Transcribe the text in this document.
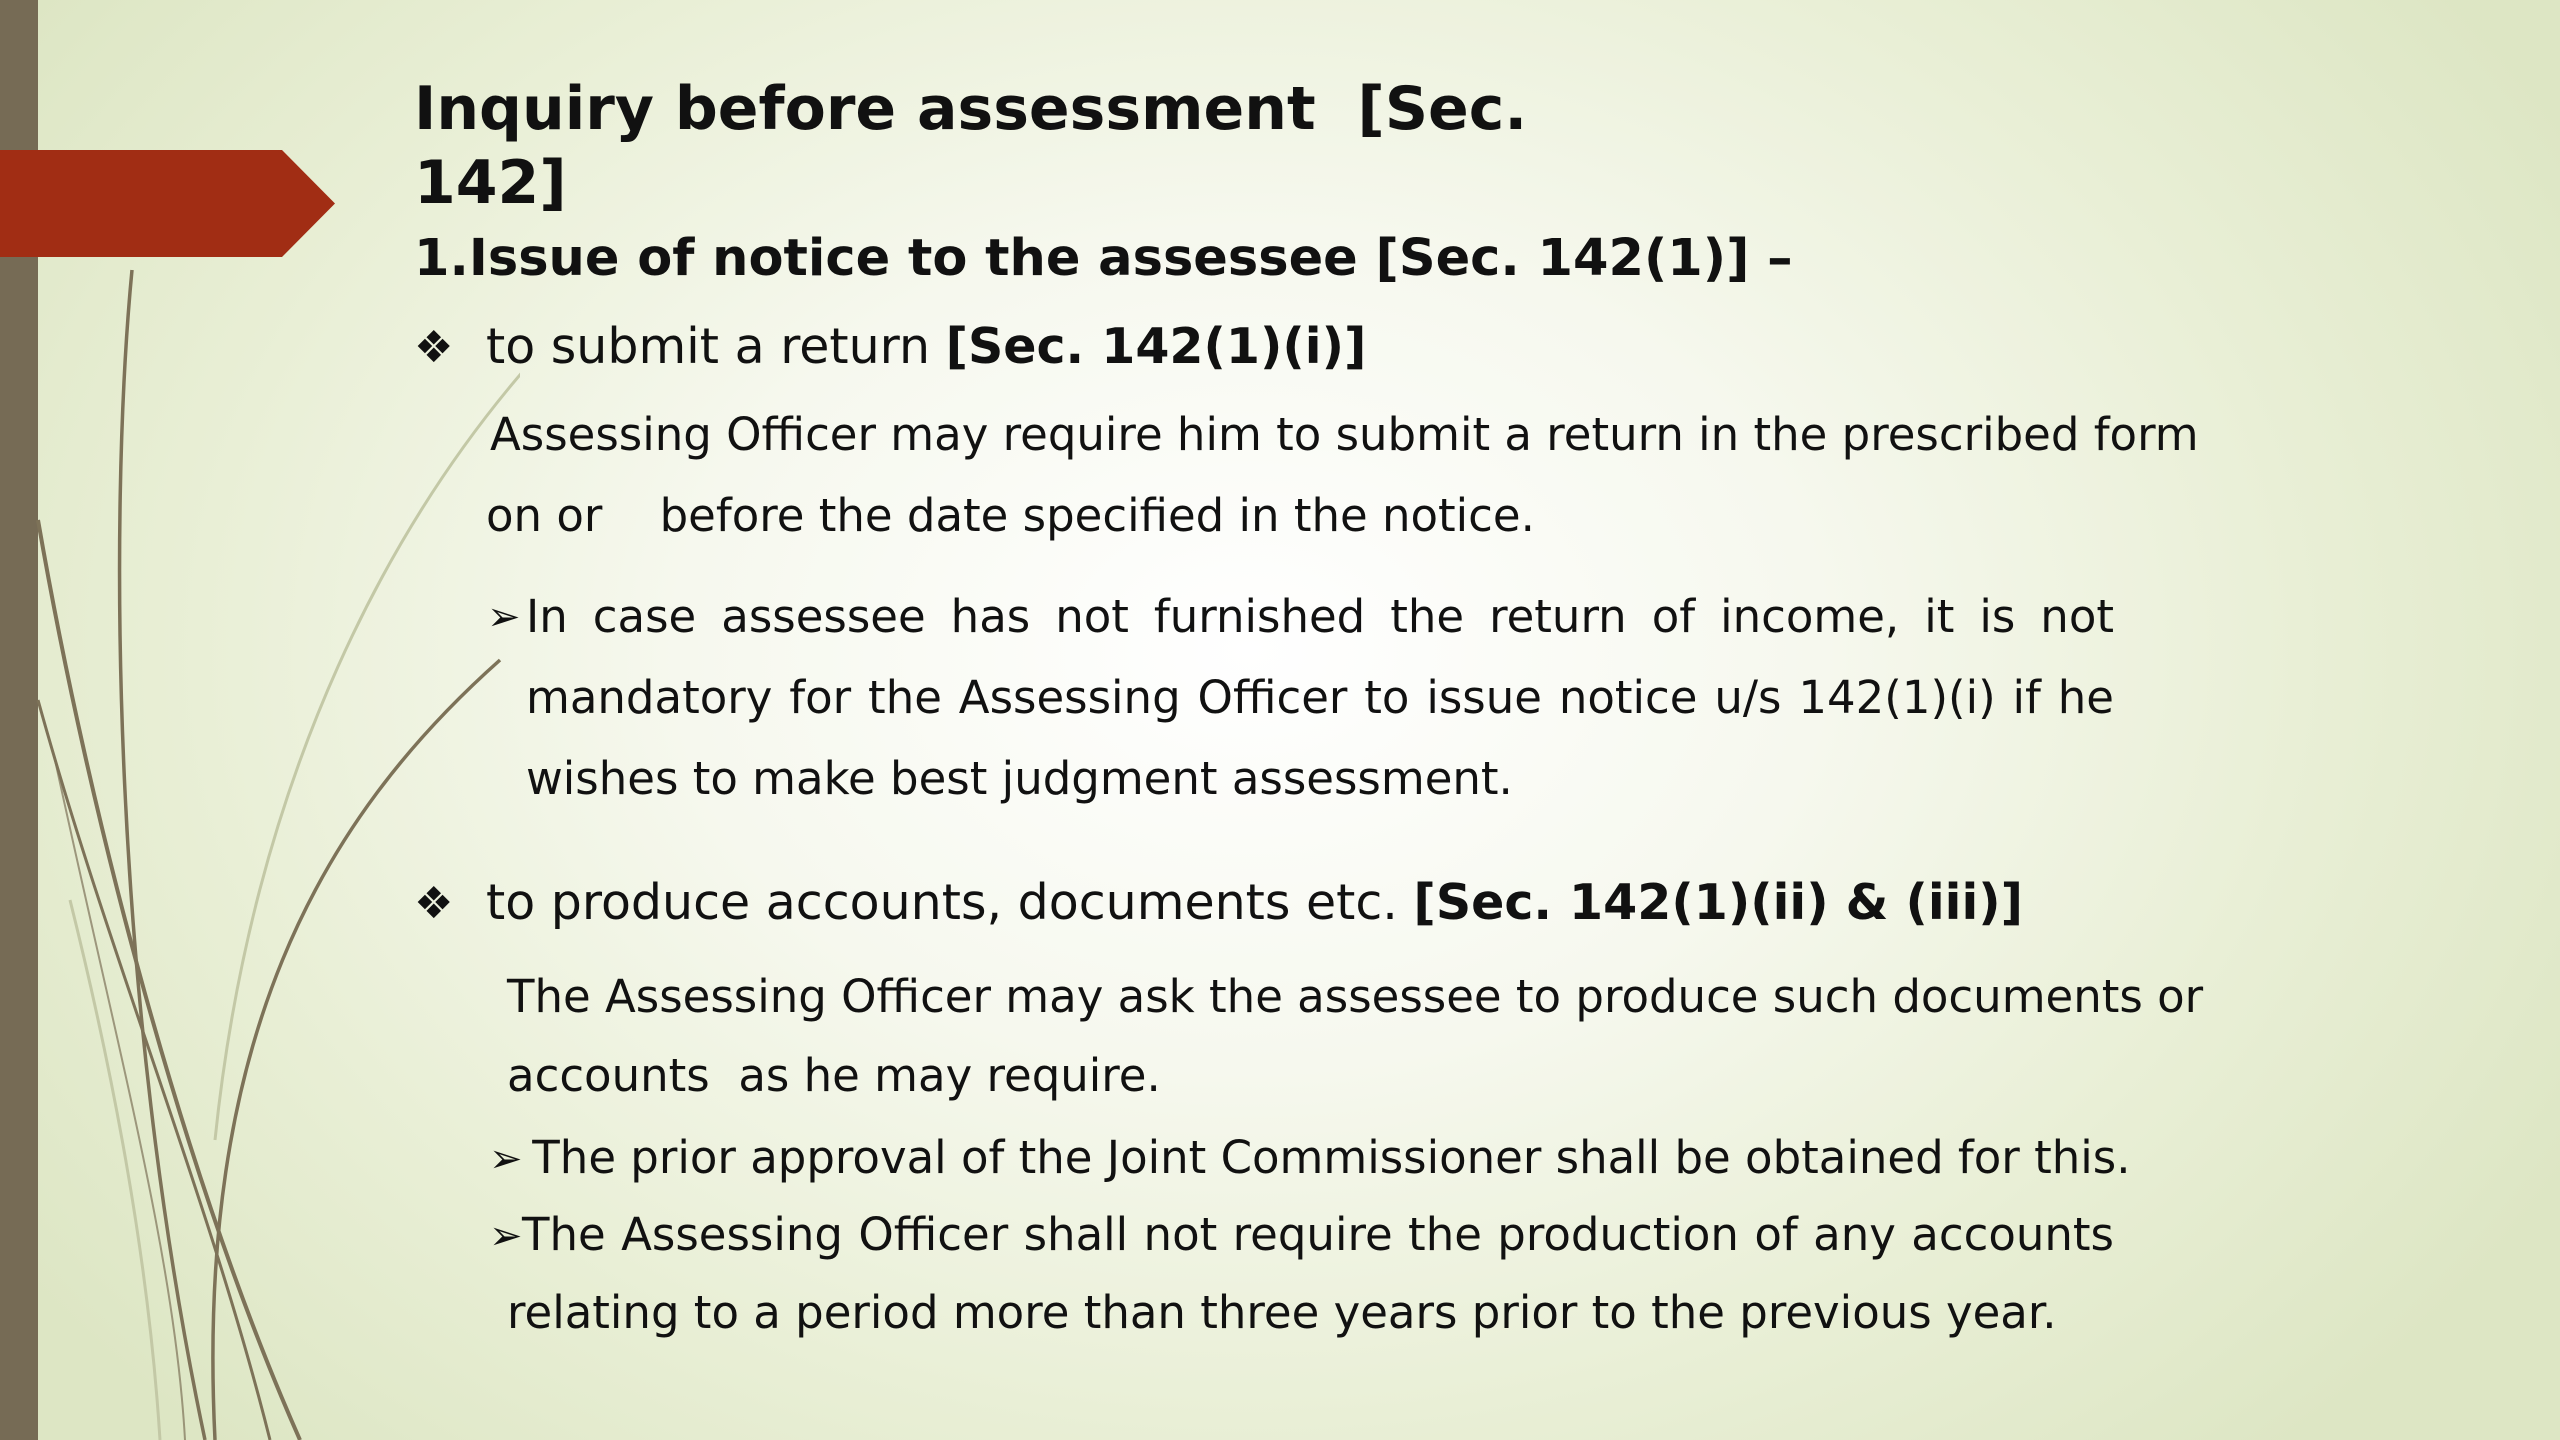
Inquiry before assessment  [Sec.
142]
1.Issue of notice to the assessee [Sec. 142(1)] –
❖ to submit a return [Sec. 142(1)(i)]

Assessing Officer may require him to submit a return in the prescribed form

on or    before the date specified in the notice.

➢ In case assessee has not furnished the return of income, it is not

mandatory for the Assessing Officer to issue notice u/s 142(1)(i) if he

wishes to make best judgment assessment.

❖ to produce accounts, documents etc. [Sec. 142(1)(ii) & (iii)]

The Assessing Officer may ask the assessee to produce such documents or

accounts  as he may require.

➢

The prior approval of the Joint Commissioner shall be obtained for this.

➢ The Assessing Officer shall not require the production of any accounts

relating to a period more than three years prior to the previous year.
